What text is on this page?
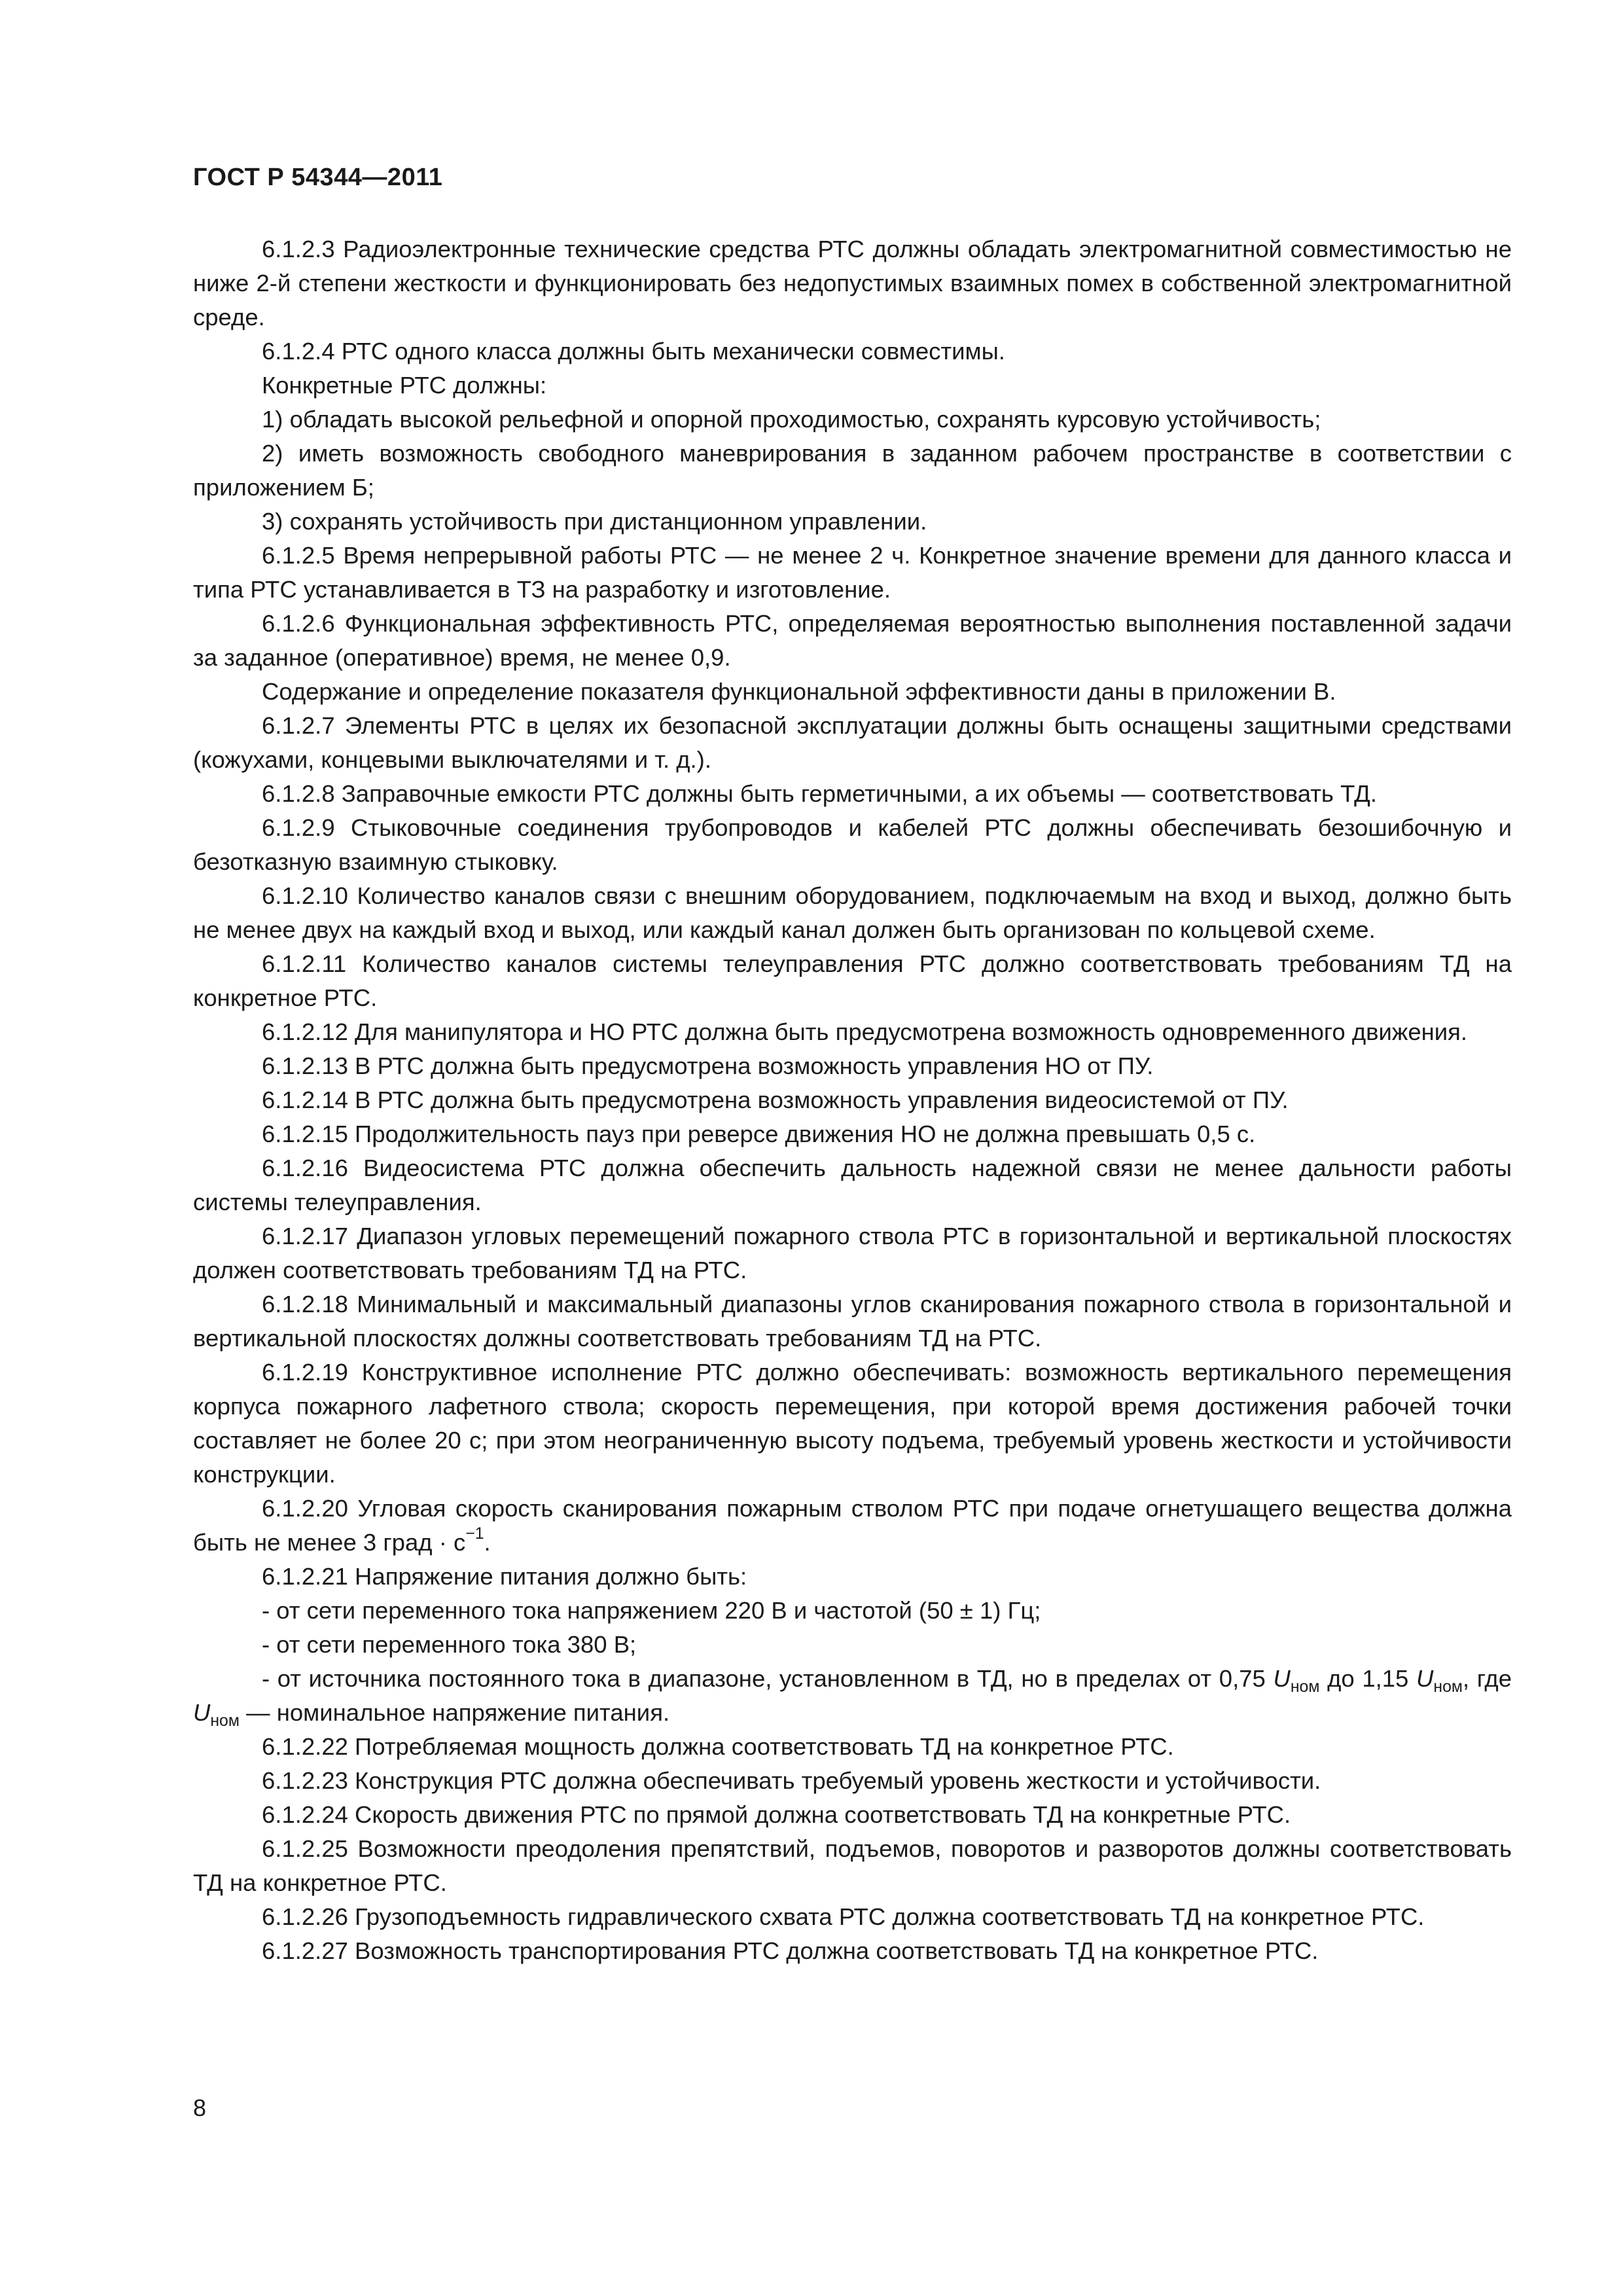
ГОСТ Р 54344—2011

6.1.2.3 Радиоэлектронные технические средства РТС должны обладать электромагнитной совместимостью не ниже 2-й степени жесткости и функционировать без недопустимых взаимных помех в собственной электромагнитной среде.

6.1.2.4 РТС одного класса должны быть механически совместимы.

Конкретные РТС должны:

1) обладать высокой рельефной и опорной проходимостью, сохранять курсовую устойчивость;

2) иметь возможность свободного маневрирования в заданном рабочем пространстве в соответствии с приложением Б;

3) сохранять устойчивость при дистанционном управлении.

6.1.2.5 Время непрерывной работы РТС — не менее 2 ч. Конкретное значение времени для данного класса и типа РТС устанавливается в ТЗ на разработку и изготовление.

6.1.2.6 Функциональная эффективность РТС, определяемая вероятностью выполнения поставленной задачи за заданное (оперативное) время, не менее 0,9.

Содержание и определение показателя функциональной эффективности даны в приложении В.

6.1.2.7 Элементы РТС в целях их безопасной эксплуатации должны быть оснащены защитными средствами (кожухами, концевыми выключателями и т. д.).

6.1.2.8 Заправочные емкости РТС должны быть герметичными, а их объемы — соответствовать ТД.

6.1.2.9 Стыковочные соединения трубопроводов и кабелей РТС должны обеспечивать безошибочную и безотказную взаимную стыковку.

6.1.2.10 Количество каналов связи с внешним оборудованием, подключаемым на вход и выход, должно быть не менее двух на каждый вход и выход, или каждый канал должен быть организован по кольцевой схеме.

6.1.2.11 Количество каналов системы телеуправления РТС должно соответствовать требованиям ТД на конкретное РТС.

6.1.2.12 Для манипулятора и НО РТС должна быть предусмотрена возможность одновременного движения.

6.1.2.13 В РТС должна быть предусмотрена возможность управления НО от ПУ.

6.1.2.14 В РТС должна быть предусмотрена возможность управления видеосистемой от ПУ.

6.1.2.15 Продолжительность пауз при реверсе движения НО не должна превышать 0,5 с.

6.1.2.16 Видеосистема РТС должна обеспечить дальность надежной связи не менее дальности работы системы телеуправления.

6.1.2.17 Диапазон угловых перемещений пожарного ствола РТС в горизонтальной и вертикальной плоскостях должен соответствовать требованиям ТД на РТС.

6.1.2.18 Минимальный и максимальный диапазоны углов сканирования пожарного ствола в горизонтальной и вертикальной плоскостях должны соответствовать требованиям ТД на РТС.

6.1.2.19 Конструктивное исполнение РТС должно обеспечивать: возможность вертикального перемещения корпуса пожарного лафетного ствола; скорость перемещения, при которой время достижения рабочей точки составляет не более 20 с; при этом неограниченную высоту подъема, требуемый уровень жесткости и устойчивости конструкции.

6.1.2.20 Угловая скорость сканирования пожарным стволом РТС при подаче огнетушащего вещества должна быть не менее 3 град · $с^{-1}$.

6.1.2.21 Напряжение питания должно быть:

- от сети переменного тока напряжением 220 В и частотой (50 ± 1) Гц;

- от сети переменного тока 380 В;

- от источника постоянного тока в диапазоне, установленном в ТД, но в пределах от 0,75 $U_{ном}$ до 1,15 $U_{ном}$, где $U_{ном}$ — номинальное напряжение питания.

6.1.2.22 Потребляемая мощность должна соответствовать ТД на конкретное РТС.

6.1.2.23 Конструкция РТС должна обеспечивать требуемый уровень жесткости и устойчивости.

6.1.2.24 Скорость движения РТС по прямой должна соответствовать ТД на конкретные РТС.

6.1.2.25 Возможности преодоления препятствий, подъемов, поворотов и разворотов должны соответствовать ТД на конкретное РТС.

6.1.2.26 Грузоподъемность гидравлического схвата РТС должна соответствовать ТД на конкретное РТС.

6.1.2.27 Возможность транспортирования РТС должна соответствовать ТД на конкретное РТС.

8
